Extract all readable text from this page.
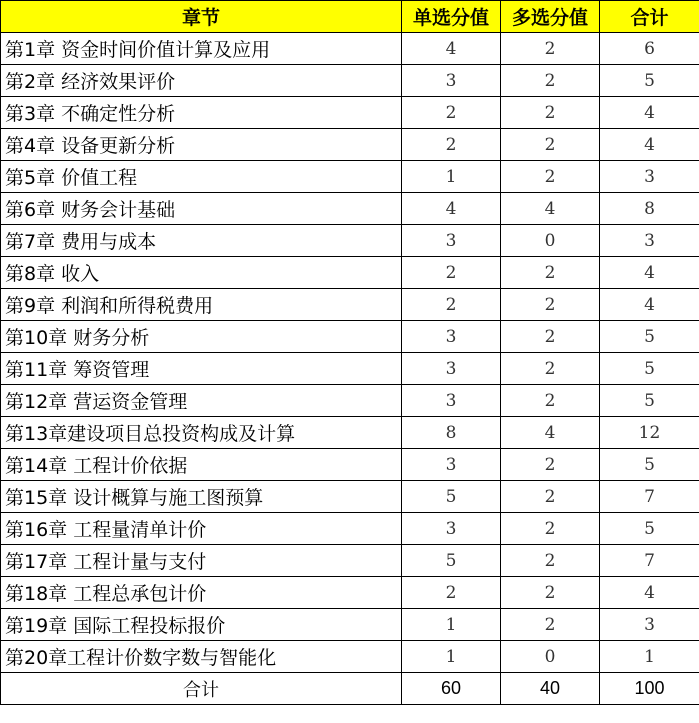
章节	单选分值	多选分值	合计
第1章 资金时间价值计算及应用	4	2	6
第2章 经济效果评价	3	2	5
第3章 不确定性分析	2	2	4
第4章 设备更新分析	2	2	4
第5章 价值工程	1	2	3
第6章 财务会计基础	4	4	8
第7章 费用与成本	3	0	3
第8章 收入	2	2	4
第9章 利润和所得税费用	2	2	4
第10章 财务分析	3	2	5
第11章 筹资管理	3	2	5
第12章 营运资金管理	3	2	5
第13章建设项目总投资构成及计算	8	4	12
第14章 工程计价依据	3	2	5
第15章 设计概算与施工图预算	5	2	7
第16章 工程量清单计价	3	2	5
第17章 工程计量与支付	5	2	7
第18章 工程总承包计价	2	2	4
第19章 国际工程投标报价	1	2	3
第20章工程计价数字数与智能化	1	0	1
合计	60	40	100
